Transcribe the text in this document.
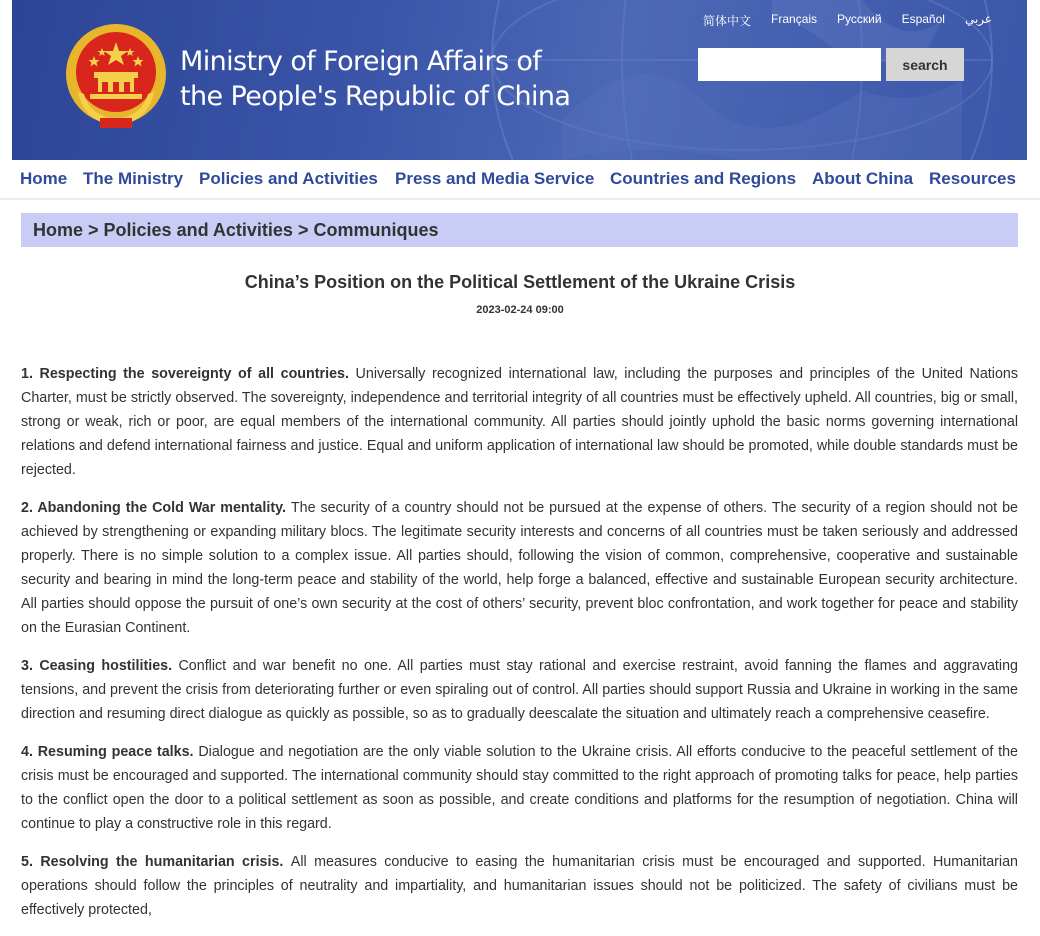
Ministry of Foreign Affairs of
the People's Republic of China
简体中文 Français Русский Español عربي
search
Home The Ministry Policies and Activities Press and Media Service Countries and Regions About China Resources
Home > Policies and Activities > Communiques
China’s Position on the Political Settlement of the Ukraine Crisis
2023-02-24 09:00

1. Respecting the sovereignty of all countries. Universally recognized international law, including the purposes and principles of the United Nations Charter, must be strictly observed. The sovereignty, independence and territorial integrity of all countries must be effectively upheld. All countries, big or small, strong or weak, rich or poor, are equal members of the international community. All parties should jointly uphold the basic norms governing international relations and defend international fairness and justice. Equal and uniform application of international law should be promoted, while double standards must be rejected.

2. Abandoning the Cold War mentality. The security of a country should not be pursued at the expense of others. The security of a region should not be achieved by strengthening or expanding military blocs. The legitimate security interests and concerns of all countries must be taken seriously and addressed properly. There is no simple solution to a complex issue. All parties should, following the vision of common, comprehensive, cooperative and sustainable security and bearing in mind the long-term peace and stability of the world, help forge a balanced, effective and sustainable European security architecture. All parties should oppose the pursuit of one’s own security at the cost of others’ security, prevent bloc confrontation, and work together for peace and stability on the Eurasian Continent.

3. Ceasing hostilities. Conflict and war benefit no one. All parties must stay rational and exercise restraint, avoid fanning the flames and aggravating tensions, and prevent the crisis from deteriorating further or even spiraling out of control. All parties should support Russia and Ukraine in working in the same direction and resuming direct dialogue as quickly as possible, so as to gradually deescalate the situation and ultimately reach a comprehensive ceasefire.

4. Resuming peace talks. Dialogue and negotiation are the only viable solution to the Ukraine crisis. All efforts conducive to the peaceful settlement of the crisis must be encouraged and supported. The international community should stay committed to the right approach of promoting talks for peace, help parties to the conflict open the door to a political settlement as soon as possible, and create conditions and platforms for the resumption of negotiation. China will continue to play a constructive role in this regard.

5. Resolving the humanitarian crisis. All measures conducive to easing the humanitarian crisis must be encouraged and supported. Humanitarian operations should follow the principles of neutrality and impartiality, and humanitarian issues should not be politicized. The safety of civilians must be effectively protected,
